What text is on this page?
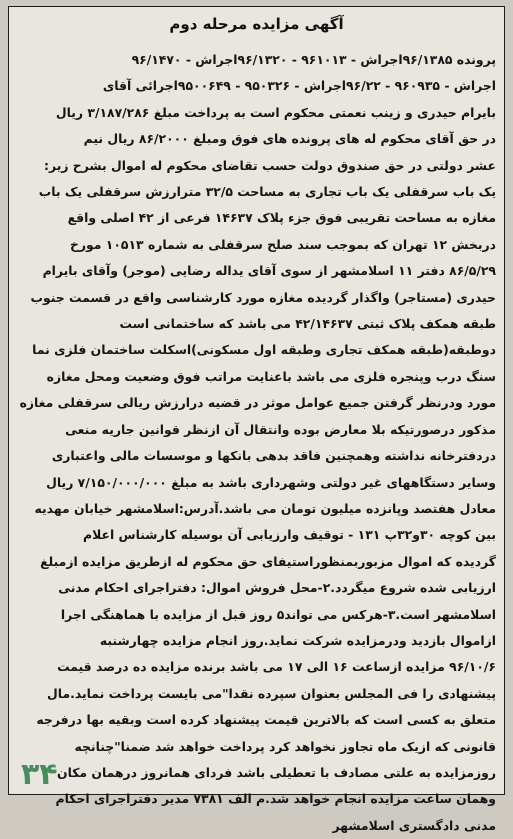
آگهی مزایده مرحله دوم
پرونده ۹۶/۱۳۸۵اجراش - ۹۶۱۰۱۳ - ۹۶/۱۳۲۰اجراش - ۹۶/۱۴۷۰
اجراش - ۹۶۰۹۳۵ - ۹۶/۲۲اجراش - ۹۵۰۳۲۶ - ۹۵۰۰۶۴۹اجرائی آقای
بایرام حیدری و زینب نعمتی محکوم است به پرداخت مبلغ ۳/۱۸۷/۲۸۶ ریال
در حق آقای محکوم له های پرونده های فوق ومبلغ ۸۶/۲۰۰۰ ریال نیم
عشر دولتی در حق صندوق دولت حسب تقاضای محکوم له اموال بشرح زیر:
یک باب سرقفلی یک باب تجاری به مساحت ۳۲/۵ مترارزش سرقفلی یک باب
مغازه به مساحت تقریبی فوق جزء پلاک ۱۴۶۳۷ فرعی از ۴۲ اصلی واقع
دربخش ۱۲ تهران که بموجب سند صلح سرقفلی به شماره ۱۰۵۱۳ مورخ
۸۶/۵/۲۹ دفتر ۱۱ اسلامشهر از سوی آقای یداله رضایی (موجر) وآقای بایرام
حیدری (مستاجر) واگذار گردیده مغازه مورد کارشناسی واقع در قسمت جنوب
طبقه همکف پلاک ثبتی ۴۲/۱۴۶۳۷ می باشد که ساختمانی است
دوطبقه(طبقه همکف تجاری وطبقه اول مسکونی)اسکلت ساختمان فلزی نما
سنگ درب وپنجره فلزی می باشد باعنایت مراتب فوق وضعیت ومحل مغازه
مورد ودرنظر گرفتن جمیع عوامل موثر در قضیه درارزش ریالی سرقفلی مغازه
مذکور درصورتیکه بلا معارض بوده وانتقال آن ازنظر قوانین جاریه منعی
دردفترخانه نداشته وهمچنین فاقد بدهی بانکها و موسسات مالی واعتباری
وسایر دستگاههای غیر دولتی وشهرداری باشد به مبلغ ۷/۱۵۰/۰۰۰/۰۰۰ ریال
معادل هفتصد وپانزده میلیون تومان می باشد.آدرس:اسلامشهر خیابان مهدیه
بین کوچه ۳۰و۳۲پ ۱۳۱ - توقیف وارزیابی آن بوسیله کارشناس اعلام
گردیده که اموال مزبوربمنظوراستیفای حق محکوم له ازطریق مزایده ازمبلغ
ارزیابی شده شروع میگردد.۲-محل فروش اموال: دفتراجرای احکام مدنی
اسلامشهر است.۳-هرکس می تواند۵ روز قبل از مزایده با هماهنگی اجرا
ازاموال بازدید ودرمزایده شرکت نماید.روز انجام مزایده چهارشنبه
۹۶/۱۰/۶ مزایده ازساعت ۱۶ الی ۱۷ می باشد برنده مزایده ده درصد قیمت
پیشنهادی را فی المجلس بعنوان سپرده نقدا"می بایست پرداخت نماید.مال
متعلق به کسی است که بالاترین قیمت پیشنهاد کرده است وبقیه بها درفرجه
قانونی که ازیک ماه تجاوز نخواهد کرد پرداخت خواهد شد ضمنا"چنانچه
روزمزایده به علتی مصادف با تعطیلی باشد فردای همانروز درهمان مکان
وهمان ساعت مزایده انجام خواهد شد.م الف ۷۳۸۱ مدیر دفتراجرای احکام
مدنی دادگستری اسلامشهر
۳۴
